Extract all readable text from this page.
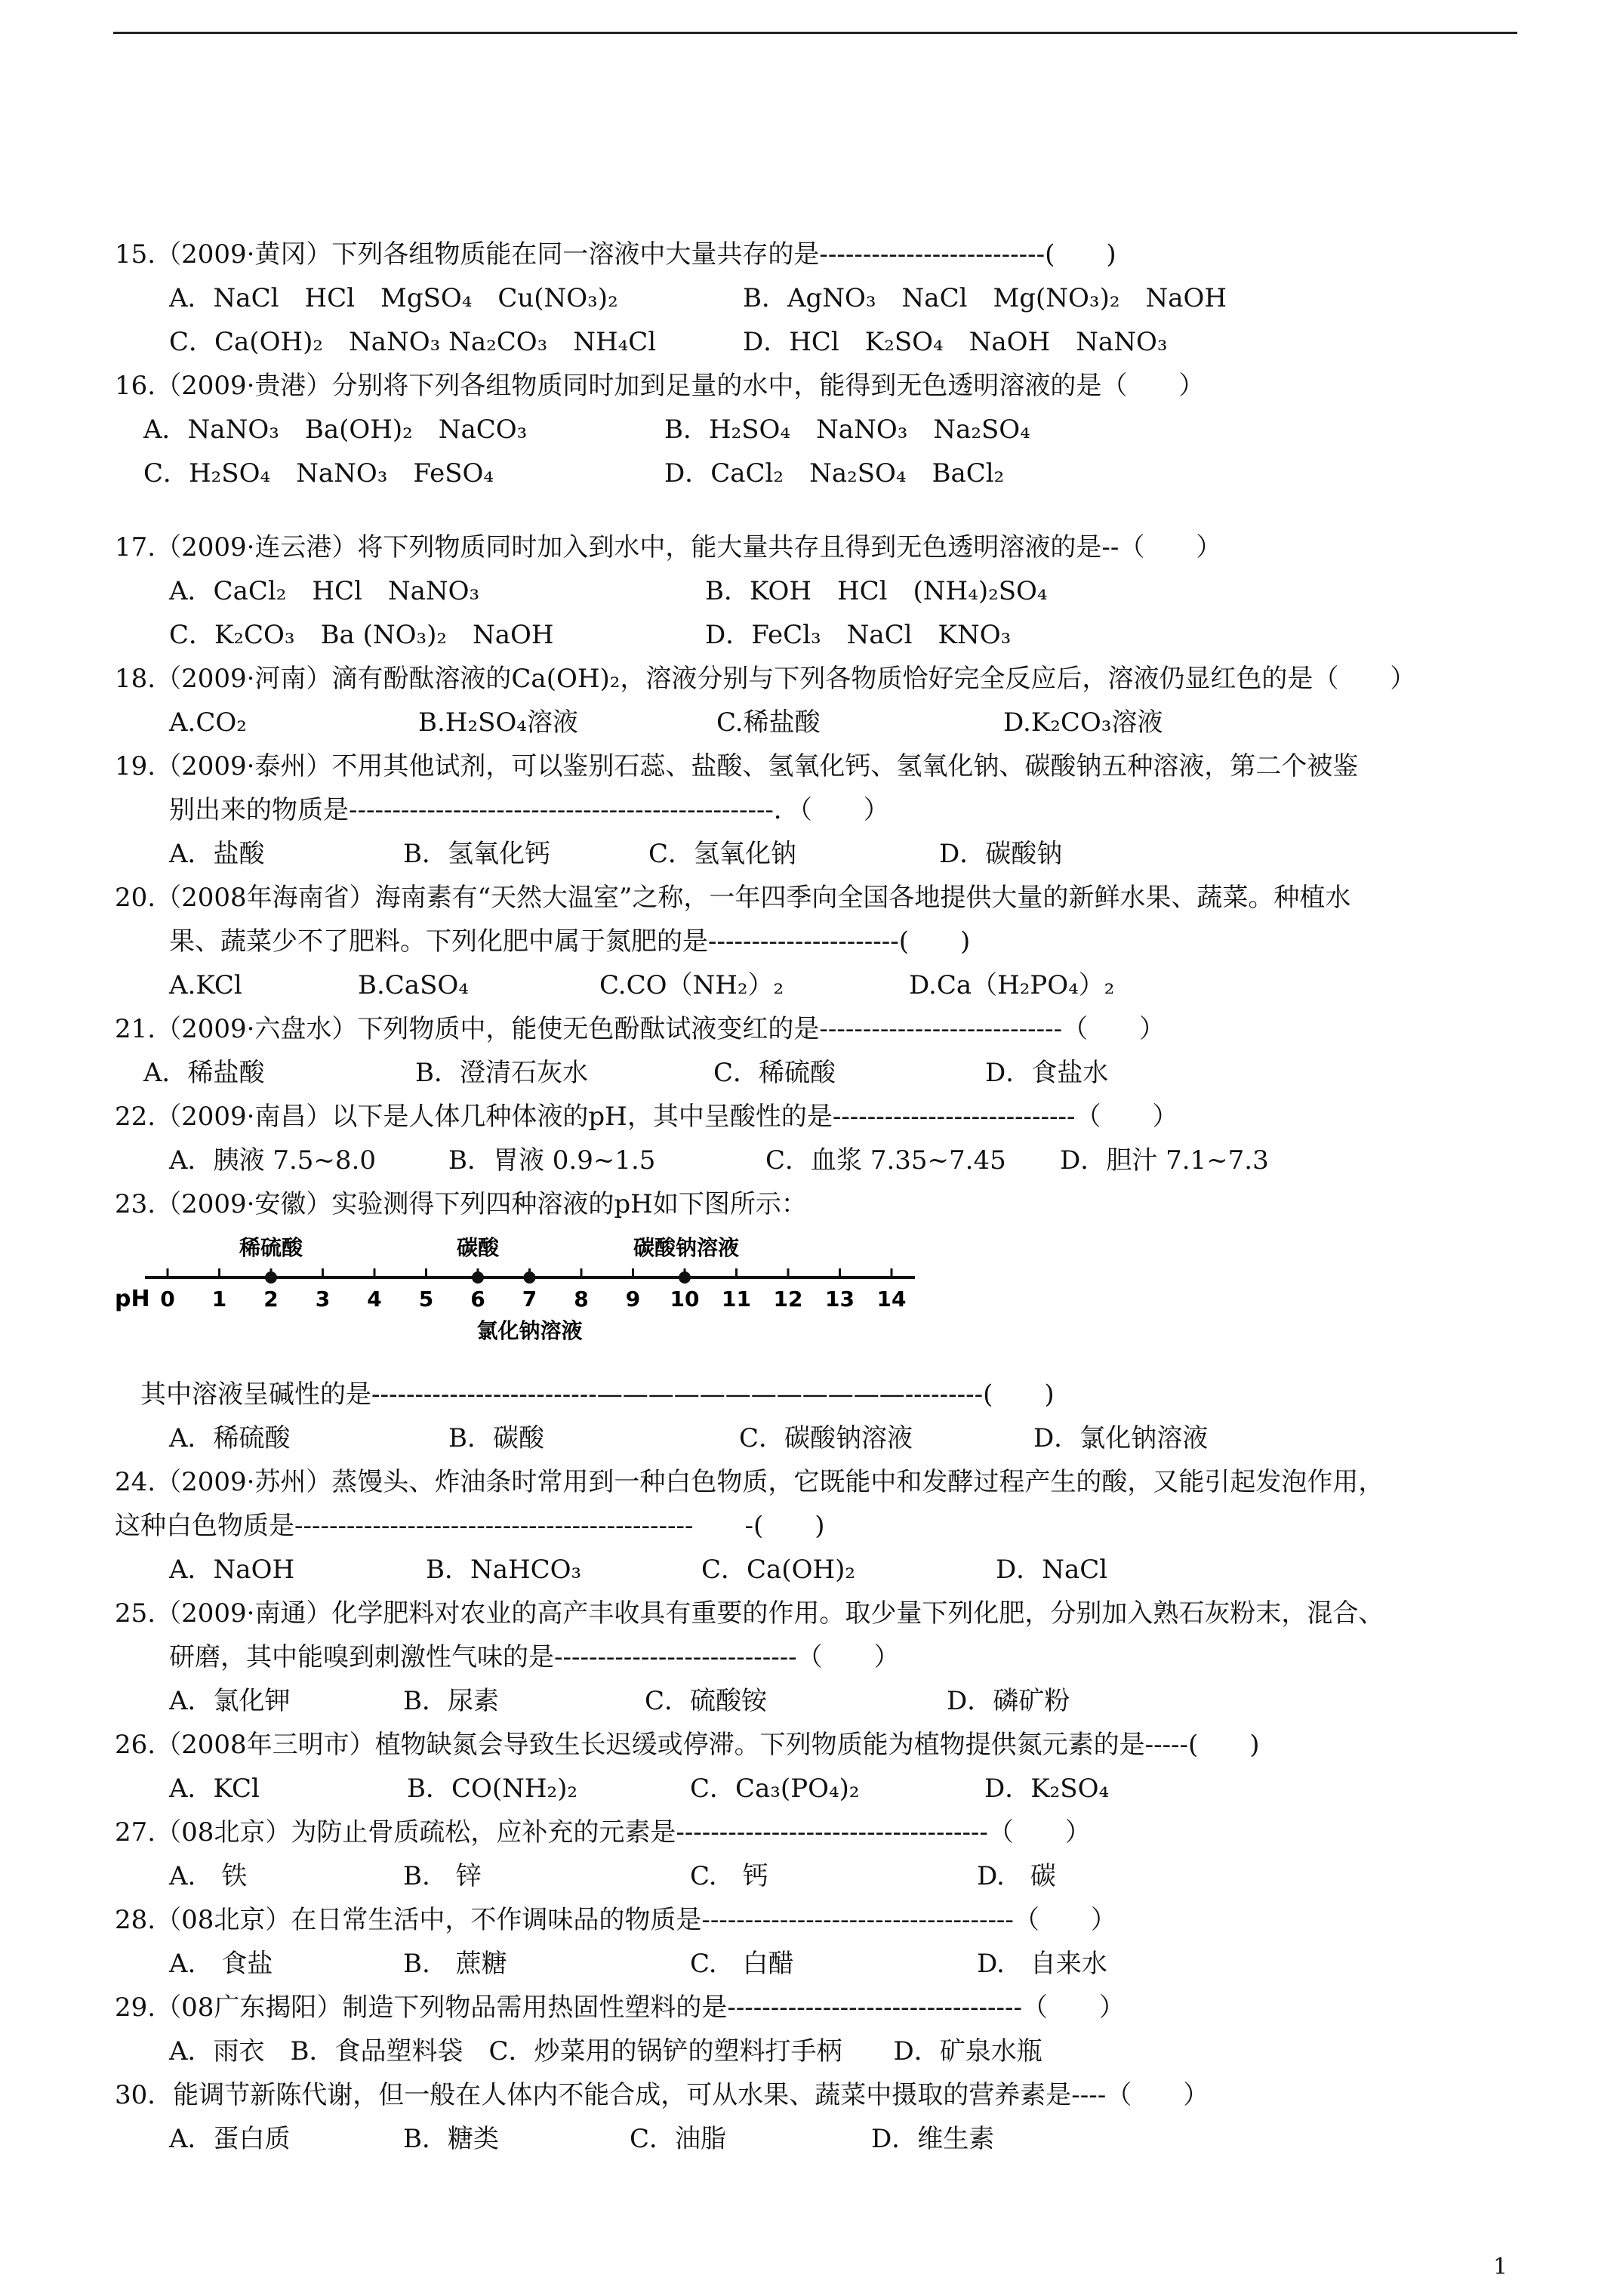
15.（2009·黄冈）下列各组物质能在同一溶液中大量共存的是--------------------------(　　)
A．NaCl　HCl　MgSO₄　Cu(NO₃)₂	B．AgNO₃　NaCl　Mg(NO₃)₂　NaOH
C．Ca(OH)₂　NaNO₃ Na₂CO₃　NH₄Cl	D．HCl　K₂SO₄　NaOH　NaNO₃
16.（2009·贵港）分别将下列各组物质同时加到足量的水中，能得到无色透明溶液的是（　　）
A．NaNO₃　Ba(OH)₂　NaCO₃	B．H₂SO₄　NaNO₃　Na₂SO₄
C．H₂SO₄　NaNO₃　FeSO₄	D．CaCl₂　Na₂SO₄　BaCl₂
17.（2009·连云港）将下列物质同时加入到水中，能大量共存且得到无色透明溶液的是--（　　）
A．CaCl₂　HCl　NaNO₃	B．KOH　HCl　(NH₄)₂SO₄
C．K₂CO₃　Ba (NO₃)₂　NaOH	D．FeCl₃　NaCl　KNO₃
18.（2009·河南）滴有酚酞溶液的Ca(OH)₂，溶液分别与下列各物质恰好完全反应后，溶液仍显红色的是（　　）
A.CO₂	B.H₂SO₄溶液	C.稀盐酸	D.K₂CO₃溶液
19.（2009·泰州）不用其他试剂，可以鉴别石蕊、盐酸、氢氧化钙、氢氧化钠、碳酸钠五种溶液，第二个被鉴
别出来的物质是-------------------------------------------------．（　　）
A．盐酸	B．氢氧化钙	C．氢氧化钠	D．碳酸钠
20.（2008年海南省）海南素有“天然大温室”之称，一年四季向全国各地提供大量的新鲜水果、蔬菜。种植水
果、蔬菜少不了肥料。下列化肥中属于氮肥的是----------------------(　　)
A.KCl	B.CaSO₄	C.CO（NH₂）₂	D.Ca（H₂PO₄）₂
21.（2009·六盘水）下列物质中，能使无色酚酞试液变红的是----------------------------（　　）
A．稀盐酸	B．澄清石灰水	C．稀硫酸	D．食盐水
22.（2009·南昌）以下是人体几种体液的pH，其中呈酸性的是----------------------------（　　）
A．胰液 7.5~8.0	B．胃液 0.9~1.5	C．血浆 7.35~7.45	D．胆汁 7.1~7.3
23.（2009·安徽）实验测得下列四种溶液的pH如下图所示：
pH 0 1 2 3 4 5 6 7 8 9 10 11 12 13 14
稀硫酸	碳酸
氯化钠溶液
碳酸钠溶液
　其中溶液呈碱性的是--------------------------————————————---------(　　)
A．稀硫酸	B．碳酸	C．碳酸钠溶液	D．氯化钠溶液
24.（2009·苏州）蒸馒头、炸油条时常用到一种白色物质，它既能中和发酵过程产生的酸，又能引起发泡作用，
这种白色物质是----------------------------------------------　　-(　　)
A．NaOH	B．NaHCO₃	C．Ca(OH)₂	D．NaCl
25.（2009·南通）化学肥料对农业的高产丰收具有重要的作用。取少量下列化肥，分别加入熟石灰粉末，混合、
研磨，其中能嗅到刺激性气味的是----------------------------（　　）
A．氯化钾	B．尿素	C．硫酸铵	D．磷矿粉
26.（2008年三明市）植物缺氮会导致生长迟缓或停滞。下列物质能为植物提供氮元素的是-----(　　)
A．KCl	B．CO(NH₂)₂	C．Ca₃(PO₄)₂	D．K₂SO₄
27.（08北京）为防止骨质疏松，应补充的元素是------------------------------------（　　）
A.　铁	B.　锌	C.　钙	D.　碳
28.（08北京）在日常生活中，不作调味品的物质是------------------------------------（　　）
A.　食盐	B.　蔗糖	C.　白醋	D.　自来水
29.（08广东揭阳）制造下列物品需用热固性塑料的是----------------------------------（　　）
A．雨衣　B．食品塑料袋　C．炒菜用的锅铲的塑料打手柄　　D．矿泉水瓶
30．能调节新陈代谢，但一般在人体内不能合成，可从水果、蔬菜中摄取的营养素是----（　　）
A．蛋白质	B．糖类	C．油脂	D．维生素
1
